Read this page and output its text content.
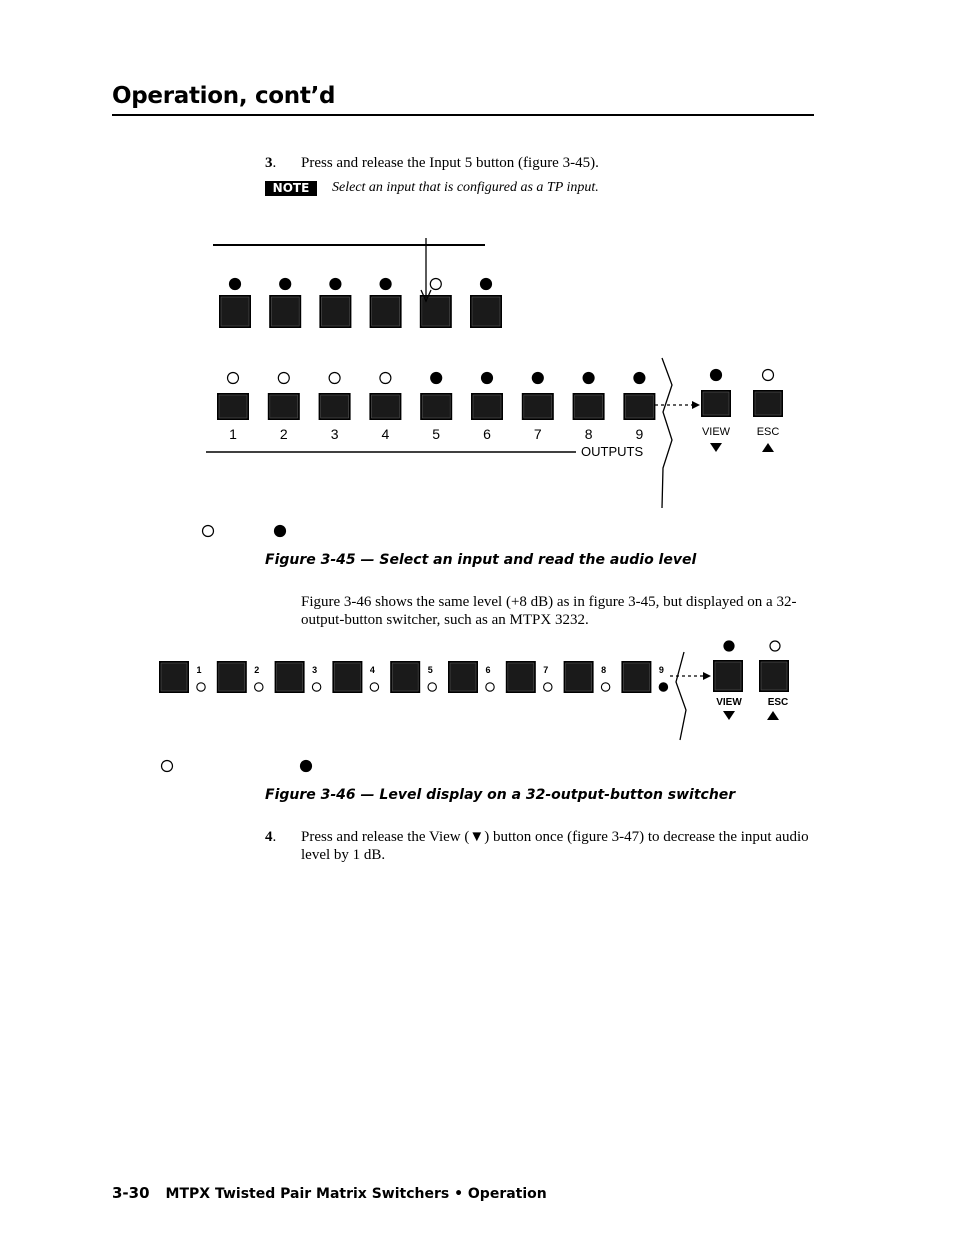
Operation, cont’d
3. Press and release the Input 5 button (figure 3-45).
NOTE	Select an input that is configured as a TP input.
1	2	3	4	5	6	7	8	9
OUTPUTS
VIEW ESC
1	2	3	4	5	6	7	8	9
VIEW	ESC
Figure 3-45 — Select an input and read the audio level
Figure 3-46 shows the same level (+8 dB) as in figure 3-45, but displayed on a 32-output-button switcher, such as an MTPX 3232.
Figure 3-46 — Level display on a 32-output-button switcher
4. Press and release the View (▼) button once (figure 3-47) to decrease the input audio level by 1 dB.
3-30 MTPX Twisted Pair Matrix Switchers • Operation
